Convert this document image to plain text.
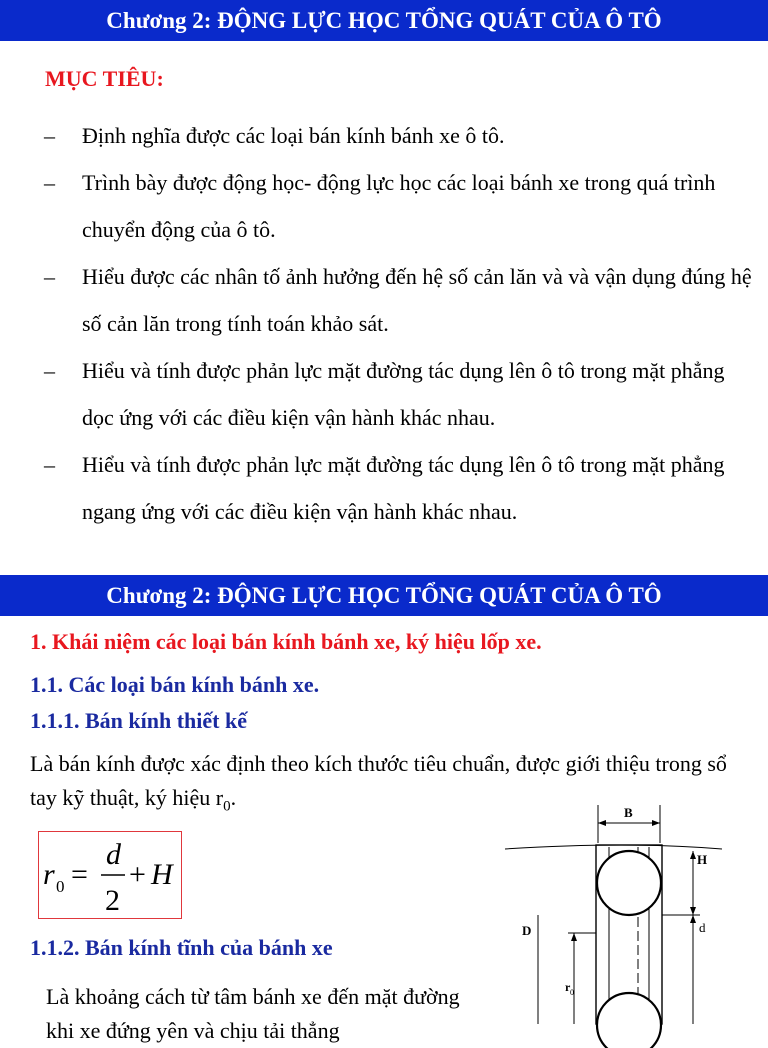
Chương 2: ĐỘNG LỰC HỌC TỔNG QUÁT CỦA Ô TÔ
MỤC TIÊU:
– Định nghĩa được các loại bán kính bánh xe ô tô.
– Trình bày được động học- động lực học các loại bánh xe trong quá trình chuyển động của ô tô.
– Hiểu được các nhân tố ảnh hưởng đến hệ số cản lăn và và vận dụng đúng hệ số cản lăn trong tính toán khảo sát.
– Hiểu và tính được phản lực mặt đường tác dụng lên ô tô trong mặt phẳng dọc ứng với các điều kiện vận hành khác nhau.
– Hiểu và tính được phản lực mặt đường tác dụng lên ô tô trong mặt phẳng ngang ứng với các điều kiện vận hành khác nhau.
Chương 2: ĐỘNG LỰC HỌC TỔNG QUÁT CỦA Ô TÔ
1. Khái niệm các loại bán kính bánh xe, ký hiệu lốp xe.
1.1. Các loại bán kính bánh xe.
1.1.1. Bán kính thiết kế
Là bán kính được xác định theo kích thước tiêu chuẩn, được giới thiệu trong sổ tay kỹ thuật, ký hiệu $r_0$.
r 0 =
d
2
+ H
1.1.2. Bán kính tĩnh của bánh xe
Là khoảng cách từ tâm bánh xe đến mặt đường khi xe đứng yên và chịu tải thẳng
B
H
d
D
r 0
